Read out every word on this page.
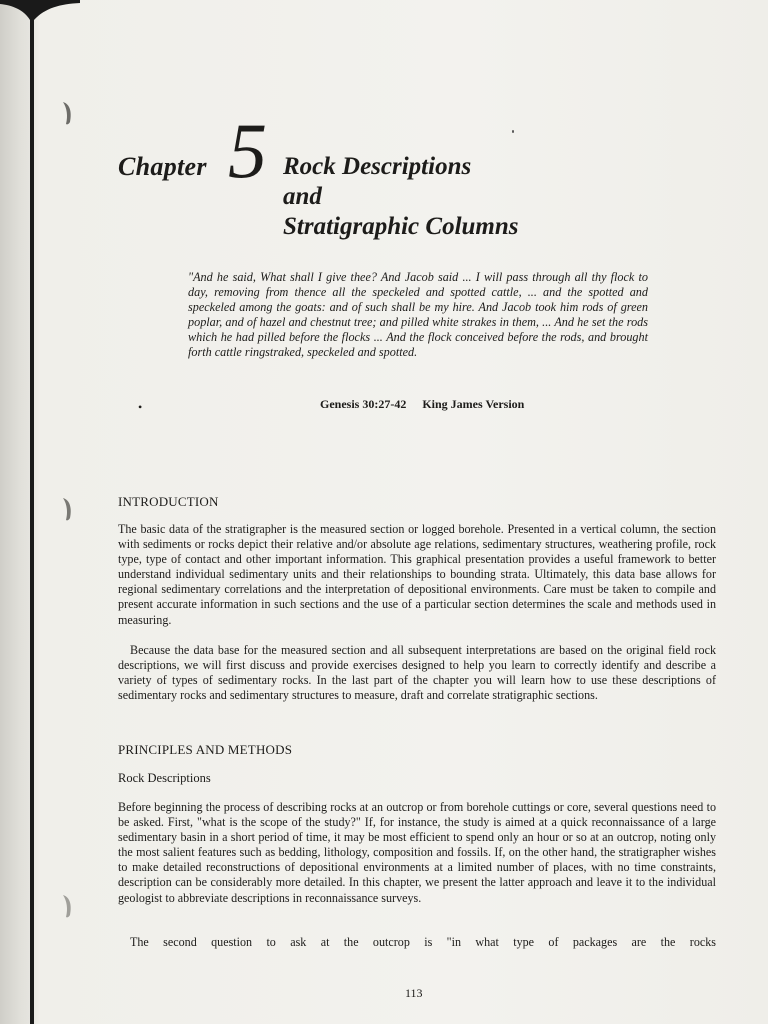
Chapter 5 Rock Descriptions
and
Stratigraphic Columns
"And he said, What shall I give thee? And Jacob said ... I will pass through all thy flock to day, removing from thence all the speckeled and spotted cattle, ... and the spotted and speckeled among the goats: and of such shall be my hire. And Jacob took him rods of green poplar, and of hazel and chestnut tree; and pilled white strakes in them, ... And he set the rods which he had pilled before the flocks ... And the flock conceived before the rods, and brought forth cattle ringstraked, speckeled and spotted.
•	Genesis 30:27-42 King James Version
INTRODUCTION
The basic data of the stratigrapher is the measured section or logged borehole. Presented in a vertical column, the section with sediments or rocks depict their relative and/or absolute age relations, sedimentary structures, weathering profile, rock type, type of contact and other important information. This graphical presentation provides a useful framework to better understand individual sedimentary units and their relationships to bounding strata. Ultimately, this data base allows for regional sedimentary correlations and the interpretation of depositional environments. Care must be taken to compile and present accurate information in such sections and the use of a particular section determines the scale and methods used in measuring.
Because the data base for the measured section and all subsequent interpretations are based on the original field rock descriptions, we will first discuss and provide exercises designed to help you learn to correctly identify and describe a variety of types of sedimentary rocks. In the last part of the chapter you will learn how to use these descriptions of sedimentary rocks and sedimentary structures to measure, draft and correlate stratigraphic sections.
PRINCIPLES AND METHODS
Rock Descriptions
Before beginning the process of describing rocks at an outcrop or from borehole cuttings or core, several questions need to be asked. First, "what is the scope of the study?" If, for instance, the study is aimed at a quick reconnaissance of a large sedimentary basin in a short period of time, it may be most efficient to spend only an hour or so at an outcrop, noting only the most salient features such as bedding, lithology, composition and fossils. If, on the other hand, the stratigrapher wishes to make detailed reconstructions of depositional environments at a limited number of places, with no time constraints, description can be considerably more detailed. In this chapter, we present the latter approach and leave it to the individual geologist to abbreviate descriptions in reconnaissance surveys.
The second question to ask at the outcrop is "in what type of packages are the rocks
113
